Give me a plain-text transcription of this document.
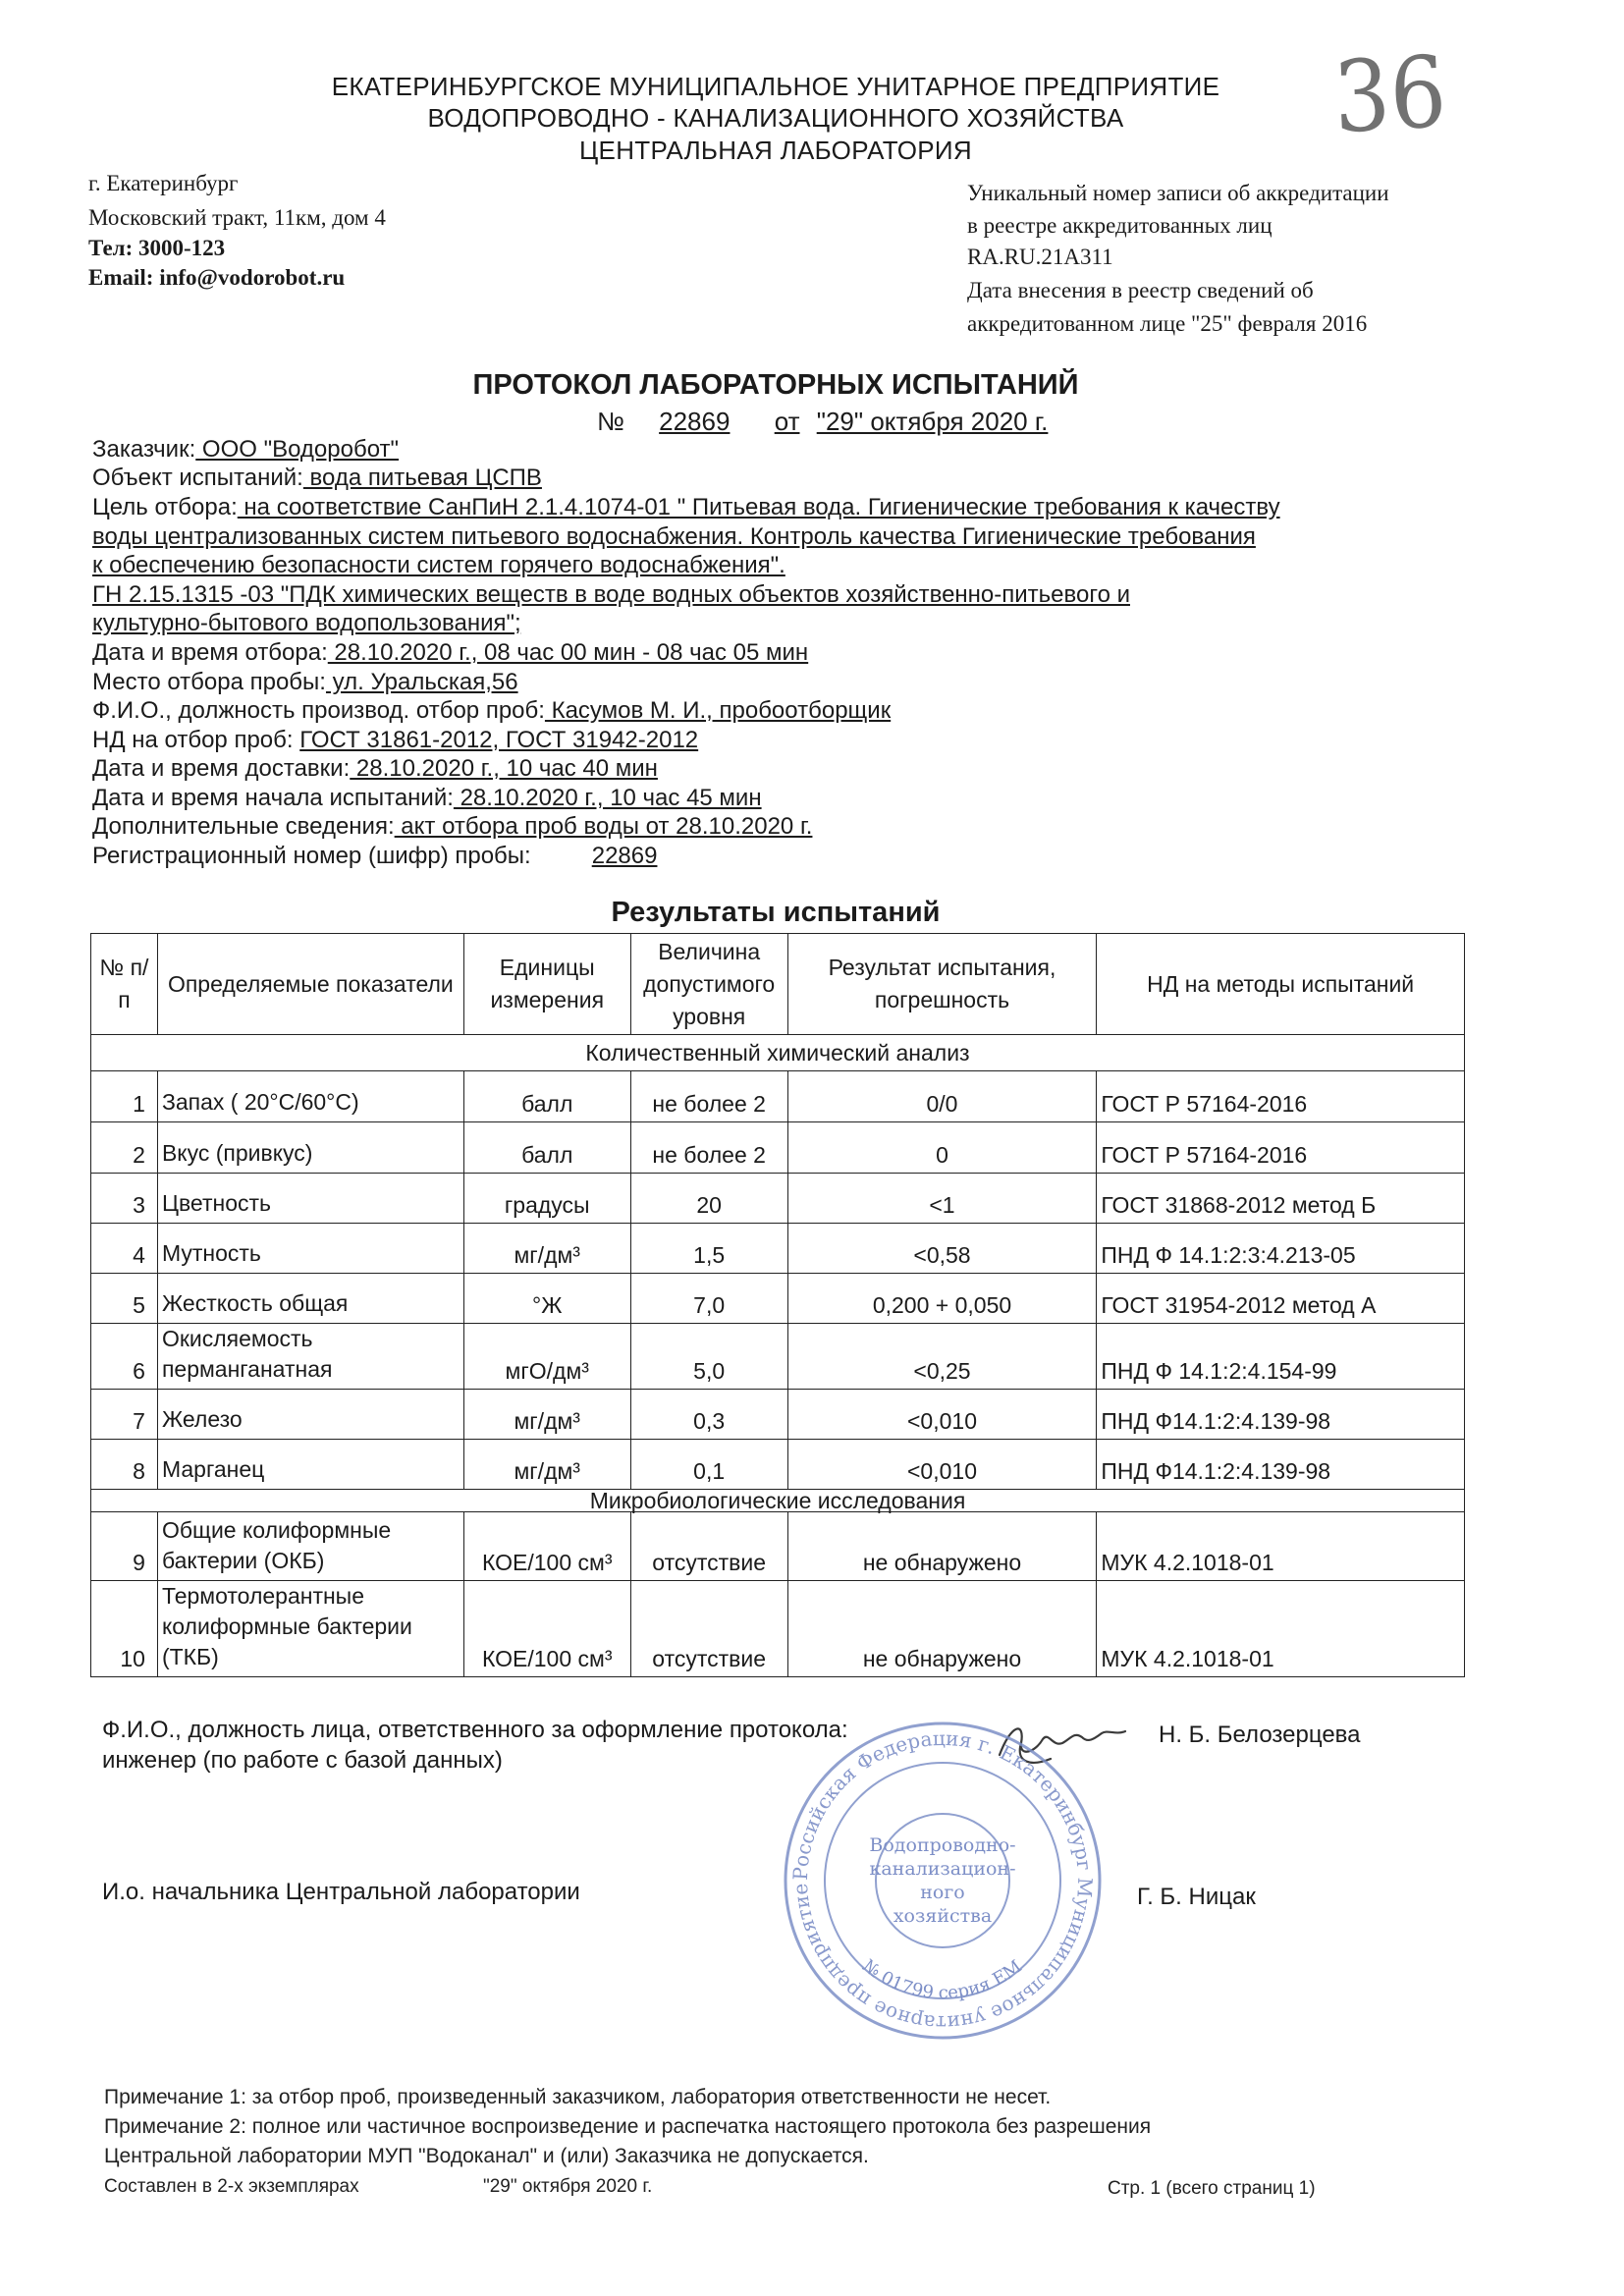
ЕКАТЕРИНБУРГСКОЕ МУНИЦИПАЛЬНОЕ УНИТАРНОЕ ПРЕДПРИЯТИЕ
ВОДОПРОВОДНО - КАНАЛИЗАЦИОННОГО ХОЗЯЙСТВА
ЦЕНТРАЛЬНАЯ ЛАБОРАТОРИЯ	36
г. Екатеринбург
Московский тракт, 11км, дом 4
Тел: 3000-123
Email: info@vodorobot.ru
Уникальный номер записи об аккредитации
в реестре аккредитованных лиц
RA.RU.21А311
Дата внесения в реестр сведений об
аккредитованном лице "25" февраля 2016
ПРОТОКОЛ ЛАБОРАТОРНЫХ ИСПЫТАНИЙ
№ 22869 от "29" октября 2020 г.
Заказчик: ООО "Водоробот"
Объект испытаний: вода питьевая ЦСПВ
Цель отбора: на соответствие СанПиН 2.1.4.1074-01 " Питьевая вода. Гигиенические требования к качеству
воды централизованных систем питьевого водоснабжения. Контроль качества Гигиенические требования
к обеспечению безопасности систем горячего водоснабжения".
ГН 2.15.1315 -03 "ПДК химических веществ в воде водных объектов хозяйственно-питьевого и
культурно-бытового водопользования";
Дата и время отбора: 28.10.2020 г., 08 час 00 мин - 08 час 05 мин
Место отбора пробы: ул. Уральская,56
Ф.И.О., должность производ. отбор проб: Касумов М. И., пробоотборщик
НД на отбор проб: ГОСТ 31861-2012, ГОСТ 31942-2012
Дата и время доставки: 28.10.2020 г., 10 час 40 мин
Дата и время начала испытаний: 28.10.2020 г., 10 час 45 мин
Дополнительные сведения: акт отбора проб воды от 28.10.2020 г.
Регистрационный номер (шифр) пробы:	22869
Результаты испытаний
№ п/п	Определяемые показатели	Единицы измерения	Величина допустимого уровня	Результат испытания, погрешность	НД на методы испытаний
Количественный химический анализ					
1	Запах ( 20°С/60°С)	балл	не более 2	0/0	ГОСТ Р 57164-2016
2	Вкус (привкус)	балл	не более 2	0	ГОСТ Р 57164-2016
3	Цветность	градусы	20	<1	ГОСТ 31868-2012 метод Б
4	Мутность	мг/дм³	1,5	<0,58	ПНД Ф 14.1:2:3:4.213-05
5	Жесткость общая	°Ж	7,0	0,200 + 0,050	ГОСТ 31954-2012 метод А
6	Окисляемость перманганатная	мгО/дм³	5,0	<0,25	ПНД Ф 14.1:2:4.154-99
7	Железо	мг/дм³	0,3	<0,010	ПНД Ф14.1:2:4.139-98
8	Марганец	мг/дм³	0,1	<0,010	ПНД Ф14.1:2:4.139-98
Микробиологические исследования					
9	Общие колиформные бактерии (ОКБ)	КОЕ/100 см³	отсутствие	не обнаружено	МУК 4.2.1018-01
10	Термотолерантные колиформные бактерии (ТКБ)	КОЕ/100 см³	отсутствие	не обнаружено	МУК 4.2.1018-01
Ф.И.О., должность лица, ответственного за оформление протокола:
инженер (по работе с базой данных)
Н. Б. Белозерцева
И.о. начальника Центральной лаборатории	Г. Б. Ницак
Российская Федерация г. Екатеринбург Муниципальное унитарное предприятие
Водопроводно-
канализацион-
ного
хозяйства
№ 01799 серия ЕМ
Примечание 1: за отбор проб, произведенный заказчиком, лаборатория ответственности не несет.
Примечание 2: полное или частичное воспроизведение и распечатка настоящего протокола без разрешения
Центральной лаборатории МУП "Водоканал" и (или) Заказчика не допускается.
Составлен в 2-х экземплярах	"29" октября 2020 г.	Стр. 1 (всего страниц 1)
